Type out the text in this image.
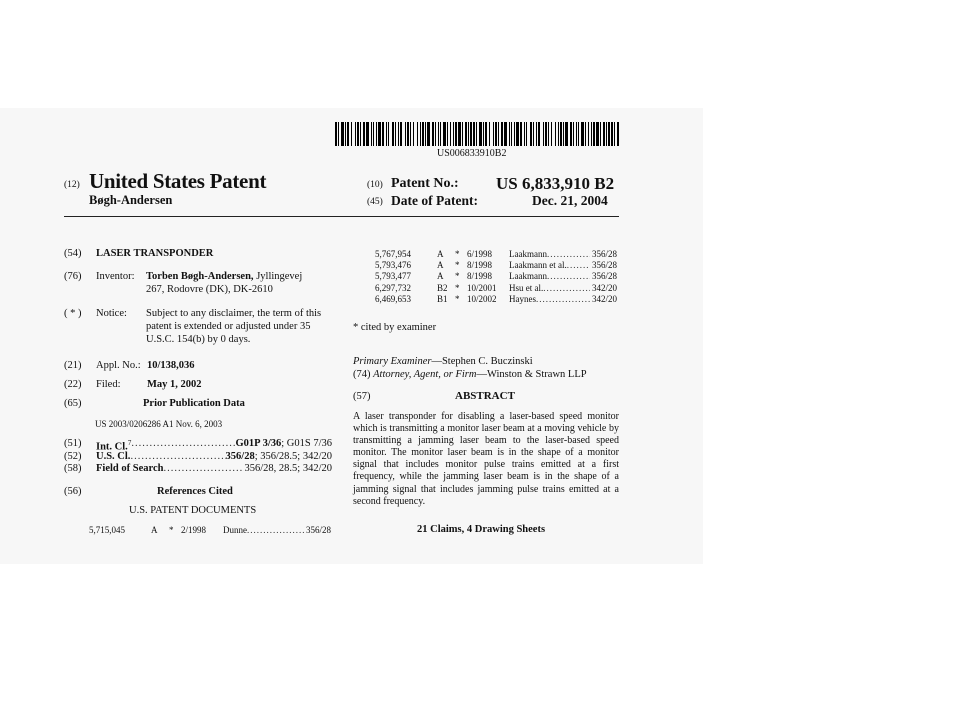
US006833910B2
(12) United States Patent
Bøgh-Andersen
(10) Patent No.: US 6,833,910 B2
(45) Date of Patent:	Dec. 21, 2004
(54)	LASER TRANSPONDER
(76)	Inventor:	Torben Bøgh-Andersen, Jyllingevej
267, Rodovre (DK), DK-2610
( * )	Notice:	Subject to any disclaimer, the term of this patent is extended or adjusted under 35 U.S.C. 154(b) by 0 days.
(21)	Appl. No.: 10/138,036
(22)	Filed:	May 1, 2002
(65)	Prior Publication Data
US 2003/0206286 A1 Nov. 6, 2003
(51)	Int. Cl.$^7$ .....	G01P 3/36 ; G01S 7/36
(52)	U.S. Cl. .....	356/28 ; 356/28.5; 342/20
(58)	Field of Search .....	356/28, 28.5; 342/20
(56)	References Cited
U.S. PATENT DOCUMENTS
5,715,045	A	* 2/1998	Dunne .....	356/28
5,767,954	A	* 6/1998	Laakmann .....	356/28
5,793,476	A	* 8/1998	Laakmann et al. .....	356/28
5,793,477	A	* 8/1998	Laakmann .....	356/28
6,297,732	B2 * 10/2001	Hsu et al. .....	342/20
6,469,653	B1 * 10/2002	Haynes .....	342/20
* cited by examiner
Primary Examiner—Stephen C. Buczinski
(74) Attorney, Agent, or Firm—Winston & Strawn LLP
(57)	ABSTRACT
A laser transponder for disabling a laser-based speed monitor which is transmitting a monitor laser beam at a moving vehicle by transmitting a jamming laser beam to the laser-based speed monitor. The monitor laser beam is in the shape of a monitor signal that includes monitor pulse trains emitted at a first frequency, while the jamming laser beam is in the shape of a jamming signal that includes jamming pulse trains emitted at a second frequency.
21 Claims, 4 Drawing Sheets
